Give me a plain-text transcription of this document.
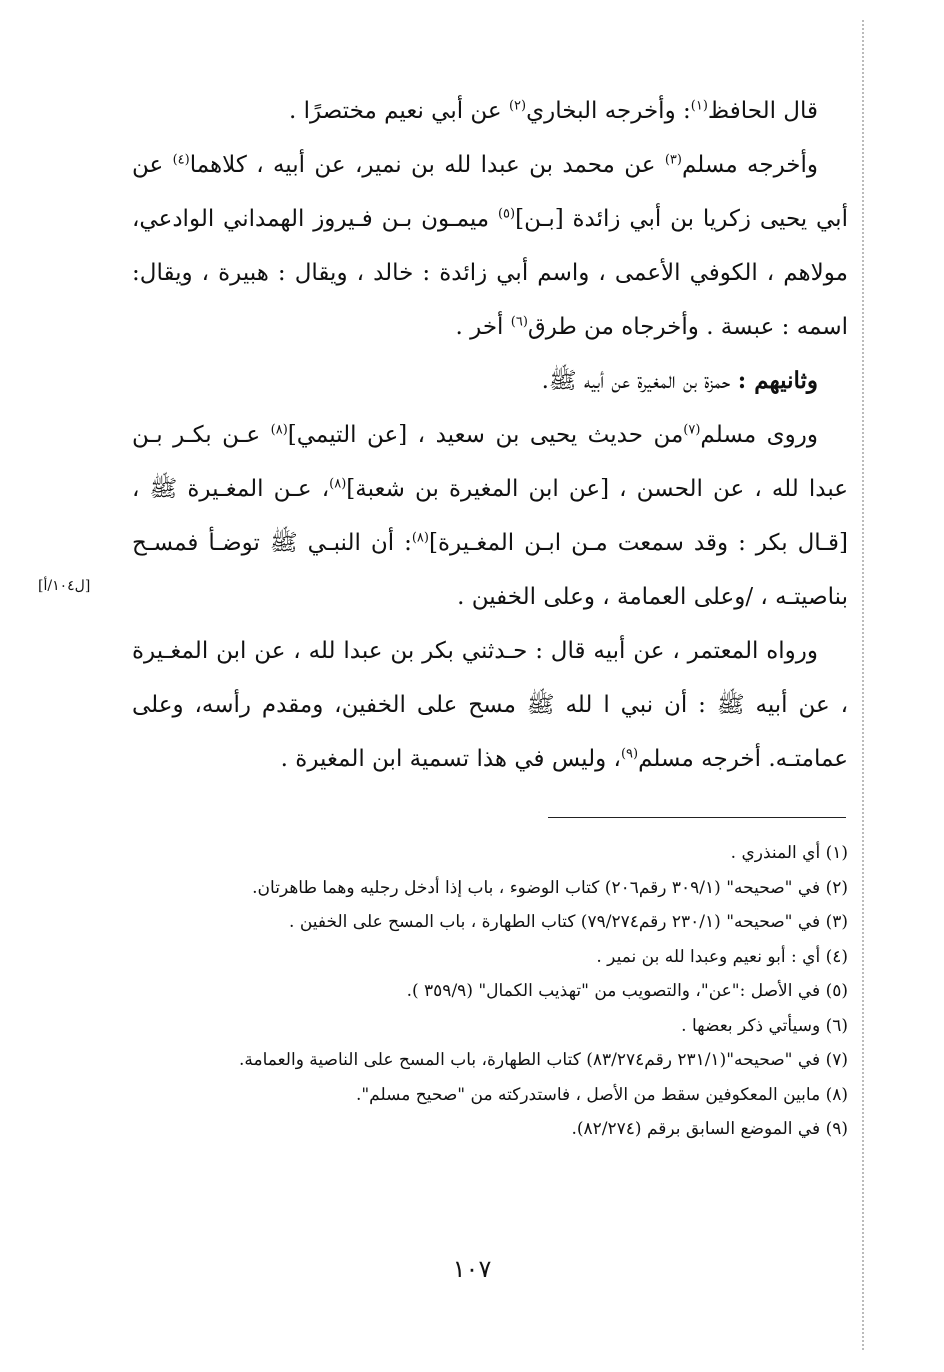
قال الحافظ$^{(١)}$: وأخرجه البخاري$^{(٢)}$ عن أبي نعيم مختصرًا .

وأخرجه مسلم$^{(٣)}$ عن محمد بن عبدا لله بن نمير، عن أبيه ، كلاهما$^{(٤)}$ عن أبي يحيى زكريا بن أبي زائدة [بـن]$^{(٥)}$ ميمـون بـن فـيروز الهمداني الوادعي، مولاهم ، الكوفي الأعمى ، واسم أبي زائدة : خالد ، ويقال : هبيرة ، ويقال: اسمه : عبسة . وأخرجاه من طرق$^{(٦)}$ أخر .

وثانيهم : حمزة بن المغيرة عن أبيه ﷺ.

وروى مسلم$^{(٧)}$من حديث يحيى بن سعيد ، [عن التيمي]$^{(٨)}$ عـن بكـر بـن عبدا لله ، عن الحسن ، [عن ابن المغيرة بن شعبة]$^{(٨)}$، عـن المغـيرة ﷺ ، [قـال بكر : وقد سمعت مـن ابـن المغـيرة]$^{(٨)}$: أن النبـي ﷺ توضـأ فمسـح بناصيتـه ، /وعلى العمامة ، وعلى الخفين .

ورواه المعتمر ، عن أبيه قال : حـدثني بكر بن عبدا لله ، عن ابن المغـيرة ، عن أبيه ﷺ : أن نبي ا لله ﷺ مسح على الخفين، ومقدم رأسه، وعلى عمامتـه. أخرجه مسلم$^{(٩)}$، وليس في هذا تسمية ابن المغيرة .

[ل١٠٤/أ]
(١) أي المنذري .
(٢) في "صحيحه" (٣٠٩/١ رقم٢٠٦) كتاب الوضوء ، باب إذا أدخل رجليه وهما طاهرتان.
(٣) في "صحيحه" (٢٣٠/١ رقم٧٩/٢٧٤) كتاب الطهارة ، باب المسح على الخفين .
(٤) أي : أبو نعيم وعبدا لله بن نمير .
(٥) في الأصل :"عن"، والتصويب من "تهذيب الكمال" (٣٥٩/٩ ).
(٦) وسيأتي ذكر بعضها .
(٧) في "صحيحه"(٢٣١/١ رقم٨٣/٢٧٤) كتاب الطهارة، باب المسح على الناصية والعمامة.
(٨) مابين المعكوفين سقط من الأصل ، فاستدركته من "صحيح مسلم".
(٩) في الموضع السابق برقم (٨٢/٢٧٤).
١٠٧
